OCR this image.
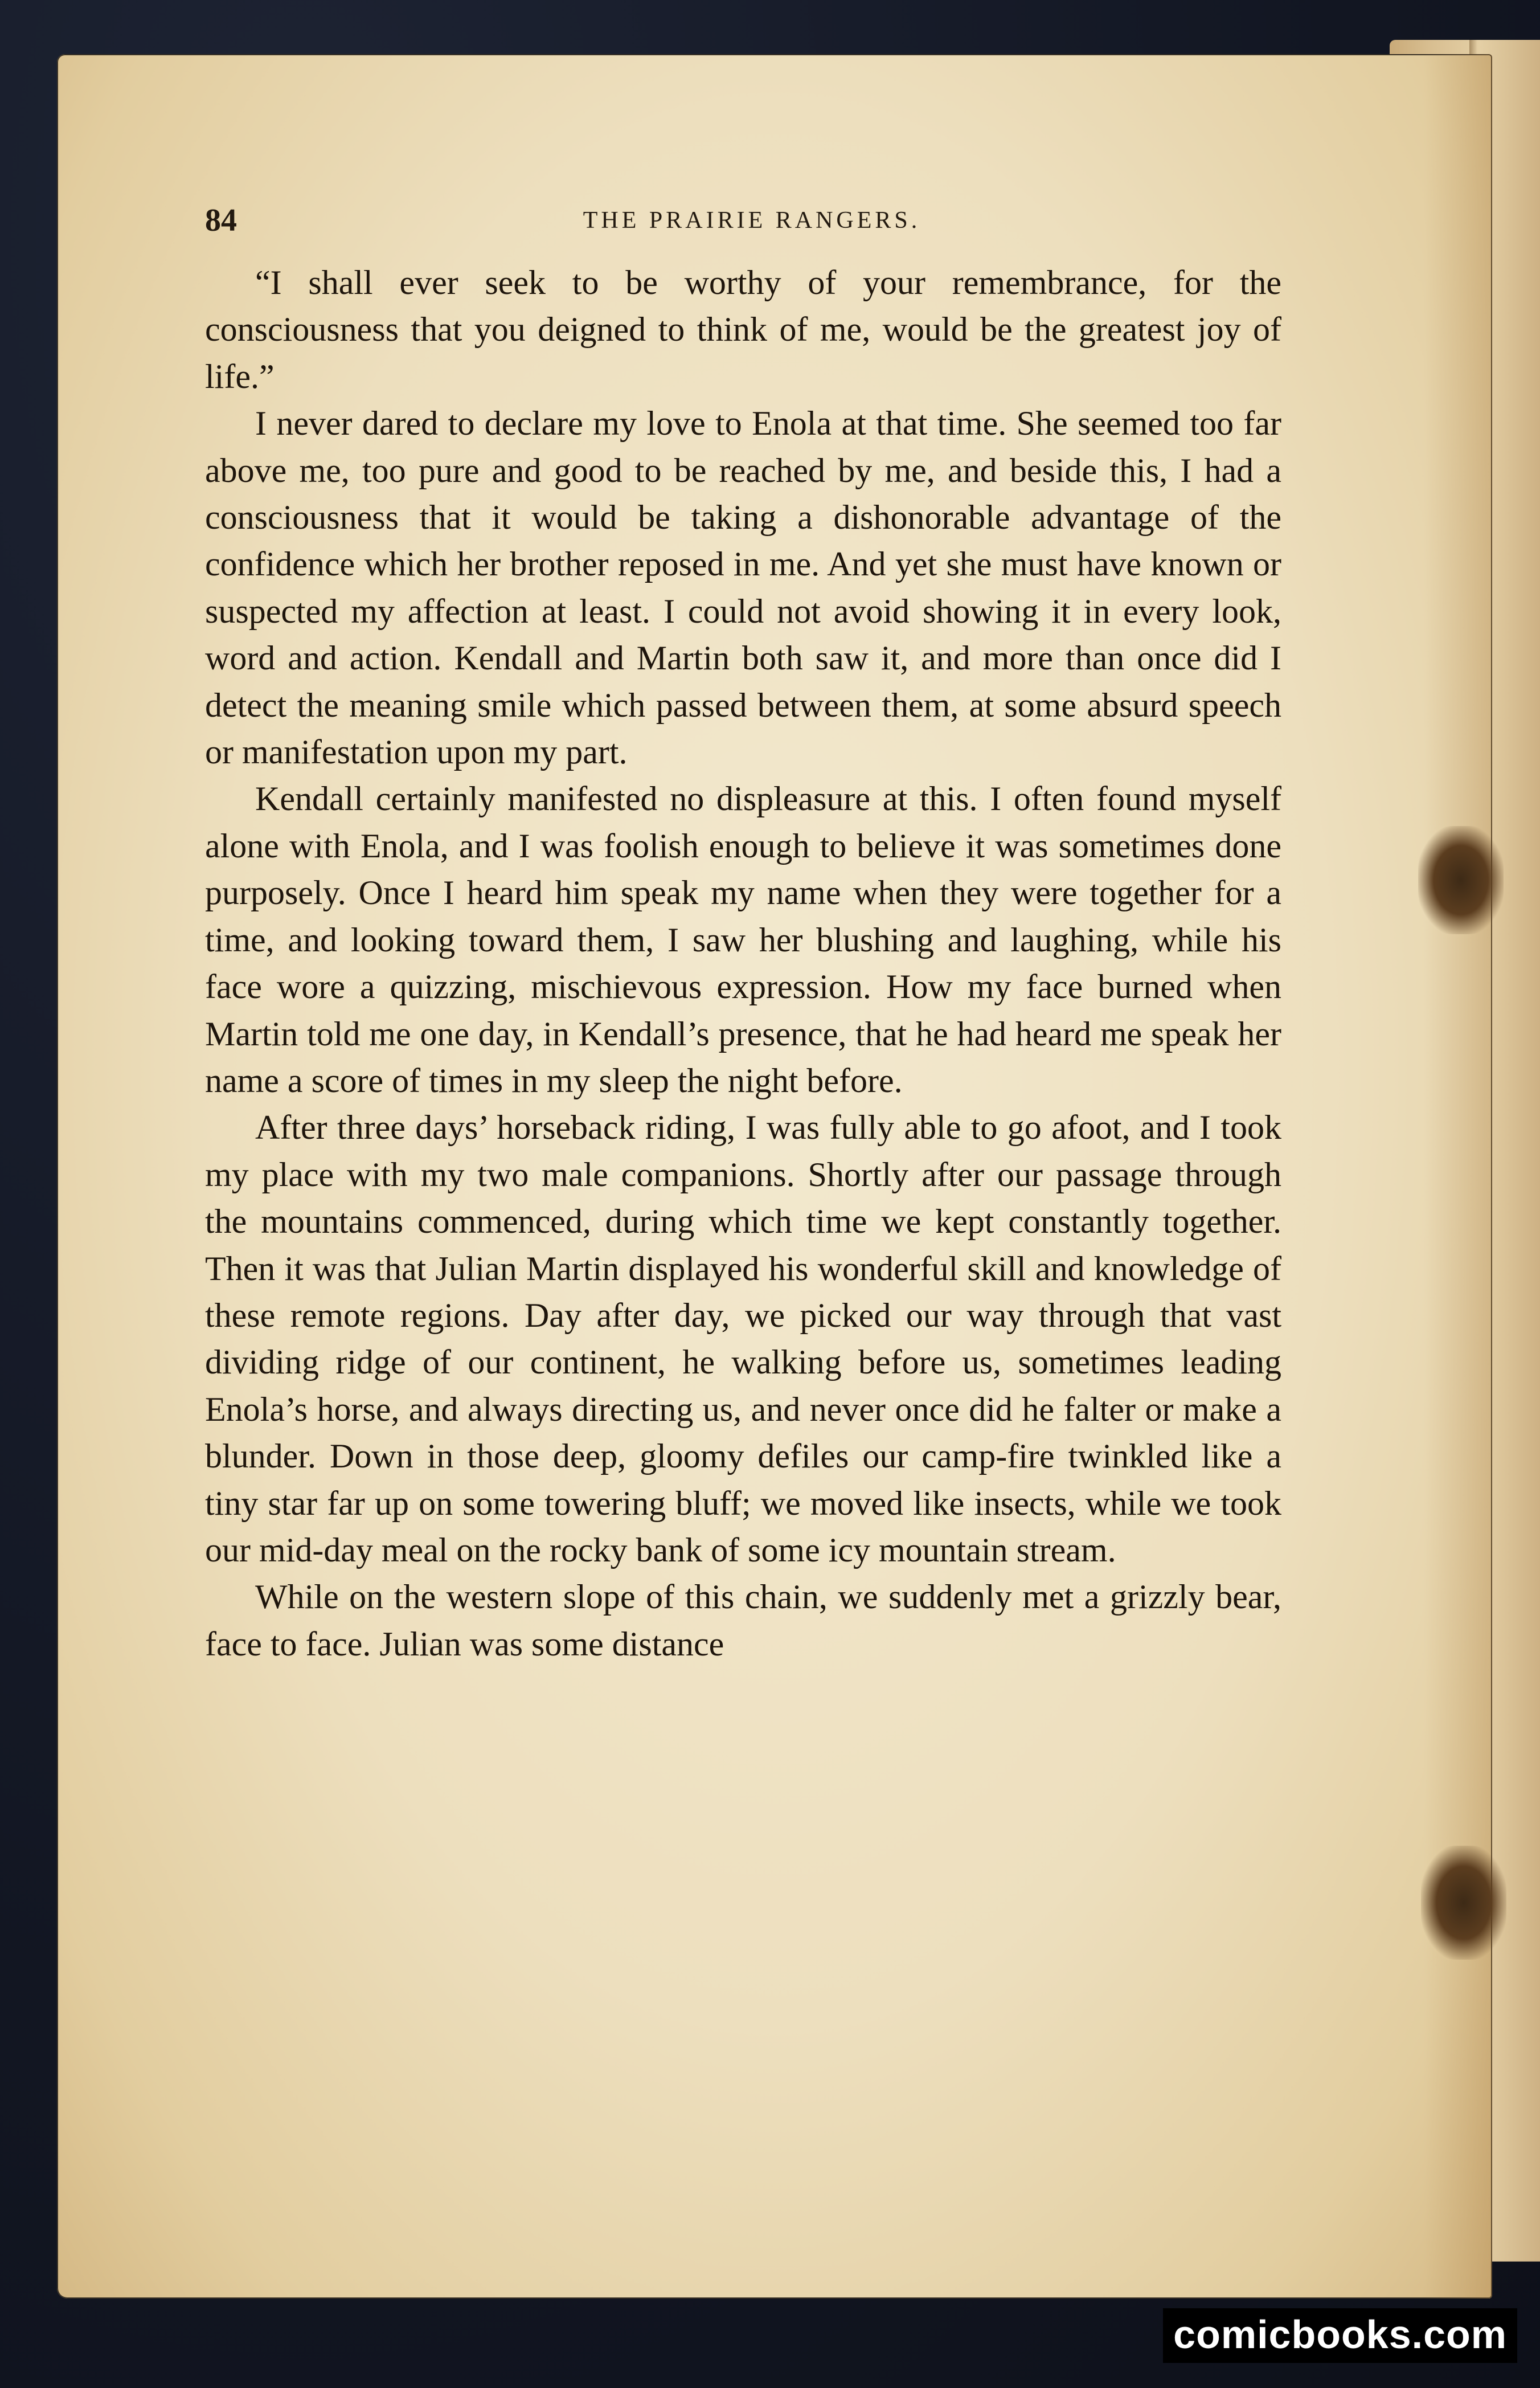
84	THE PRAIRIE RANGERS.

“I shall ever seek to be worthy of your remembrance, for the consciousness that you deigned to think of me, would be the greatest joy of life.”

I never dared to declare my love to Enola at that time. She seemed too far above me, too pure and good to be reached by me, and beside this, I had a consciousness that it would be taking a dishonorable advantage of the confidence which her brother reposed in me. And yet she must have known or suspected my affection at least. I could not avoid showing it in every look, word and action. Kendall and Martin both saw it, and more than once did I detect the meaning smile which passed between them, at some absurd speech or manifestation upon my part.

Kendall certainly manifested no displeasure at this. I often found myself alone with Enola, and I was foolish enough to believe it was sometimes done purposely. Once I heard him speak my name when they were together for a time, and looking toward them, I saw her blushing and laughing, while his face wore a quizzing, mischievous expression. How my face burned when Martin told me one day, in Kendall’s presence, that he had heard me speak her name a score of times in my sleep the night before.

After three days’ horseback riding, I was fully able to go afoot, and I took my place with my two male companions. Shortly after our passage through the mountains commenced, during which time we kept constantly together. Then it was that Julian Martin displayed his wonderful skill and knowledge of these remote regions. Day after day, we picked our way through that vast dividing ridge of our continent, he walking before us, sometimes leading Enola’s horse, and always directing us, and never once did he falter or make a blunder. Down in those deep, gloomy defiles our camp-fire twinkled like a tiny star far up on some towering bluff; we moved like insects, while we took our mid-day meal on the rocky bank of some icy mountain stream.

While on the western slope of this chain, we suddenly met a grizzly bear, face to face. Julian was some distance

comicbooks.com
